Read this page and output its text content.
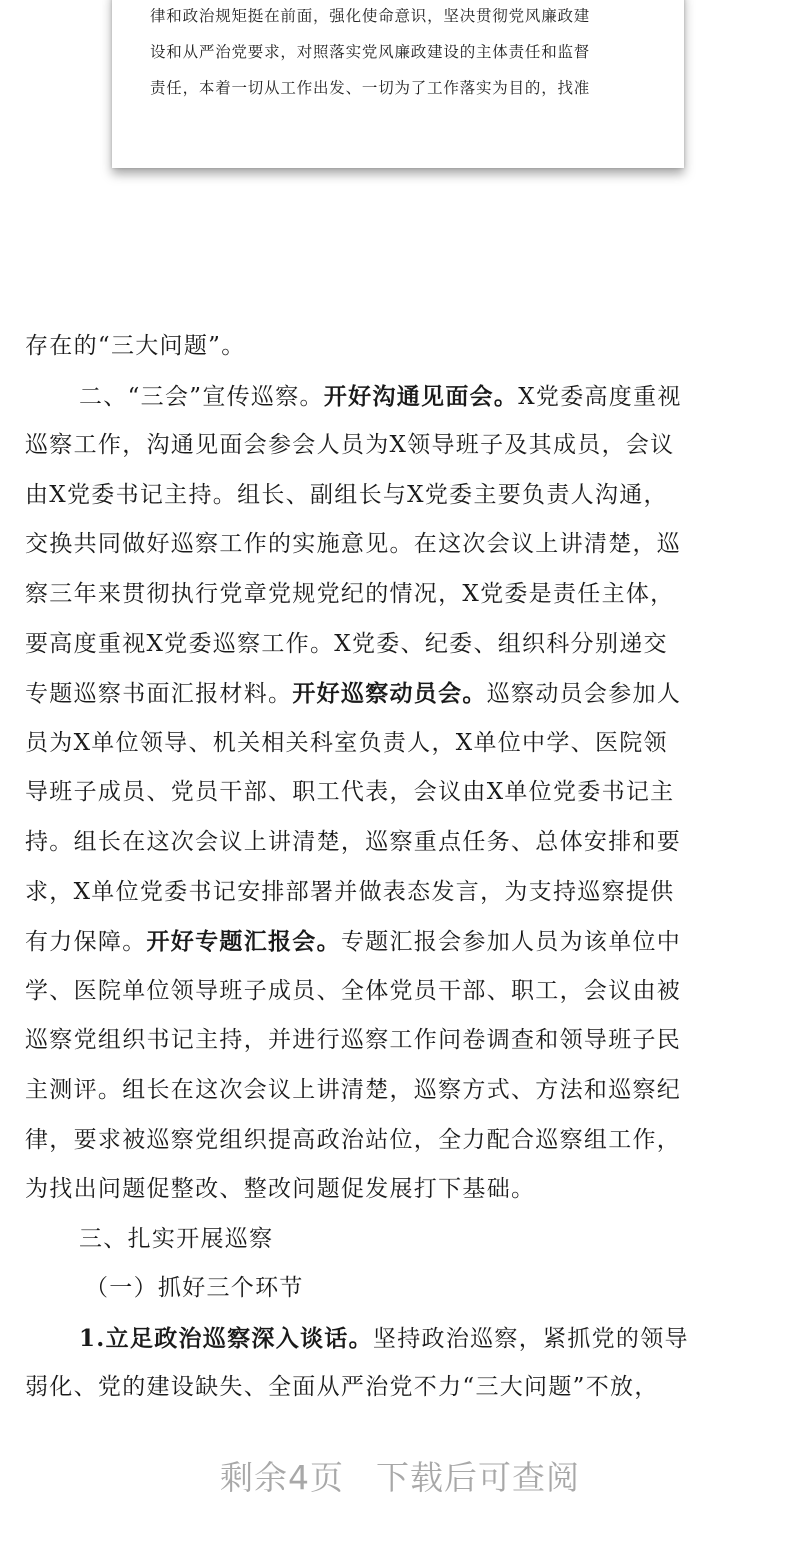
律和政治规矩挺在前面，强化使命意识，坚决贯彻党风廉政建
设和从严治党要求，对照落实党风廉政建设的主体责任和监督
责任，本着一切从工作出发、一切为了工作落实为目的，找准
存在的“三大问题”。
二、“三会”宣传巡察。开好沟通见面会。X党委高度重视
巡察工作，沟通见面会参会人员为X领导班子及其成员，会议
由X党委书记主持。组长、副组长与X党委主要负责人沟通，
交换共同做好巡察工作的实施意见。在这次会议上讲清楚，巡
察三年来贯彻执行党章党规党纪的情况，X党委是责任主体，
要高度重视X党委巡察工作。X党委、纪委、组织科分别递交
专题巡察书面汇报材料。开好巡察动员会。巡察动员会参加人
员为X单位领导、机关相关科室负责人，X单位中学、医院领
导班子成员、党员干部、职工代表，会议由X单位党委书记主
持。组长在这次会议上讲清楚，巡察重点任务、总体安排和要
求，X单位党委书记安排部署并做表态发言，为支持巡察提供
有力保障。开好专题汇报会。专题汇报会参加人员为该单位中
学、医院单位领导班子成员、全体党员干部、职工，会议由被
巡察党组织书记主持，并进行巡察工作问卷调查和领导班子民
主测评。组长在这次会议上讲清楚，巡察方式、方法和巡察纪
律，要求被巡察党组织提高政治站位，全力配合巡察组工作，
为找出问题促整改、整改问题促发展打下基础。
三、扎实开展巡察
（一）抓好三个环节
1.立足政治巡察深入谈话。坚持政治巡察，紧抓党的领导
弱化、党的建设缺失、全面从严治党不力“三大问题”不放，
剩余4页 下载后可查阅
